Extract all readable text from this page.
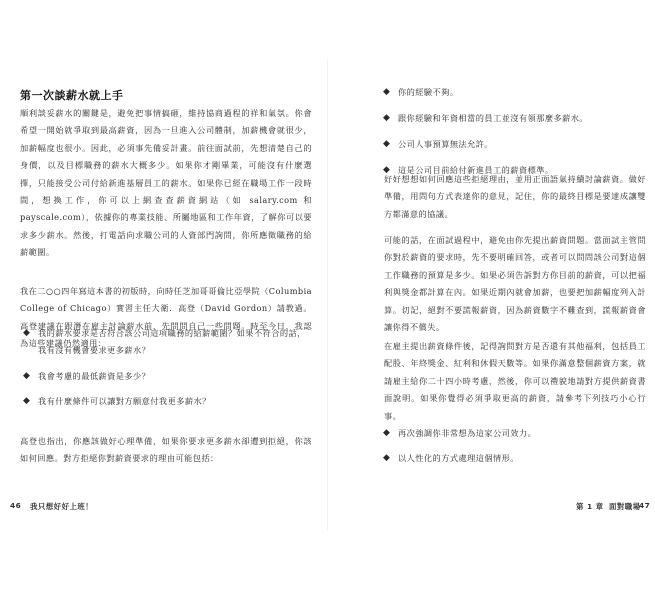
第一次談薪水就上手
順利談妥薪水的關鍵是，避免把事情搞砸，維持協商過程的祥和氣氛。你會希望一開始就爭取到最高薪資，因為一旦進入公司體制，加薪機會就很少，加薪幅度也很小。因此，必須事先備妥計畫。前往面試前，先想清楚自己的身價，以及目標職務的薪水大概多少。如果你才剛畢業，可能沒有什麼選擇，只能接受公司付給新進基層員工的薪水。如果你已經在職場工作一段時間，想換工作，你可以上網查查薪資網站（如 salary.com 和 payscale.com），依據你的專業技能、所屬地區和工作年資，了解你可以要求多少薪水。然後，打電話向求職公司的人資部門詢問，你所應徵職務的給薪範圍。
我在二○○四年寫這本書的初版時，向時任芝加哥哥倫比亞學院（Columbia College of Chicago）實習主任大衛．高登（David Gordon）請教過。高登建議在跟潛在雇主討論薪水前，先問問自己一些問題。時至今日，我認為這些建議仍然適用：
◆ 我的薪水要求是否符合該公司這項職務的給薪範圍？如果不符合的話，我有沒有機會要求更多薪水？
◆ 我會考慮的最低薪資是多少？
◆ 我有什麼條件可以讓對方願意付我更多薪水？
高登也指出，你應該做好心理準備，如果你要求更多薪水卻遭到拒絕，你該如何回應。對方拒絕你對薪資要求的理由可能包括：
46 我只想好好上班！
◆ 你的經驗不夠。
◆ 跟你經驗和年資相當的員工並沒有領那麼多薪水。
◆ 公司人事預算無法允許。
◆ 這是公司目前給付新進員工的薪資標準。
好好想想如何回應這些拒絕理由，並用正面語氣持續討論薪資。做好準備，用問句方式表達你的意見，記住，你的最終目標是要達成讓雙方都滿意的協議。
可能的話，在面試過程中，避免由你先提出薪資問題。當面試主管問你對於薪資的要求時，先不要明確回答，或者可以問問該公司對這個工作職務的預算是多少。如果必須告訴對方你目前的薪資，可以把福利與獎金都計算在內。如果近期內就會加薪，也要把加薪幅度列入計算。切記，絕對不要謊報薪資，因為薪資數字不難查到，謊報薪資會讓你得不償失。
在雇主提出薪資條件後，記得詢問對方是否還有其他福利，包括員工配股、年終獎金、紅利和休假天數等。如果你滿意整個薪資方案，就請雇主給你二十四小時考慮，然後，你可以禮貌地請對方提供薪資書面說明。如果你覺得必須爭取更高的薪資，請參考下列技巧小心行事。
◆ 再次強調你非常想為這家公司效力。
◆ 以人性化的方式處理這個情形。
第 1 章 面對職場
47
